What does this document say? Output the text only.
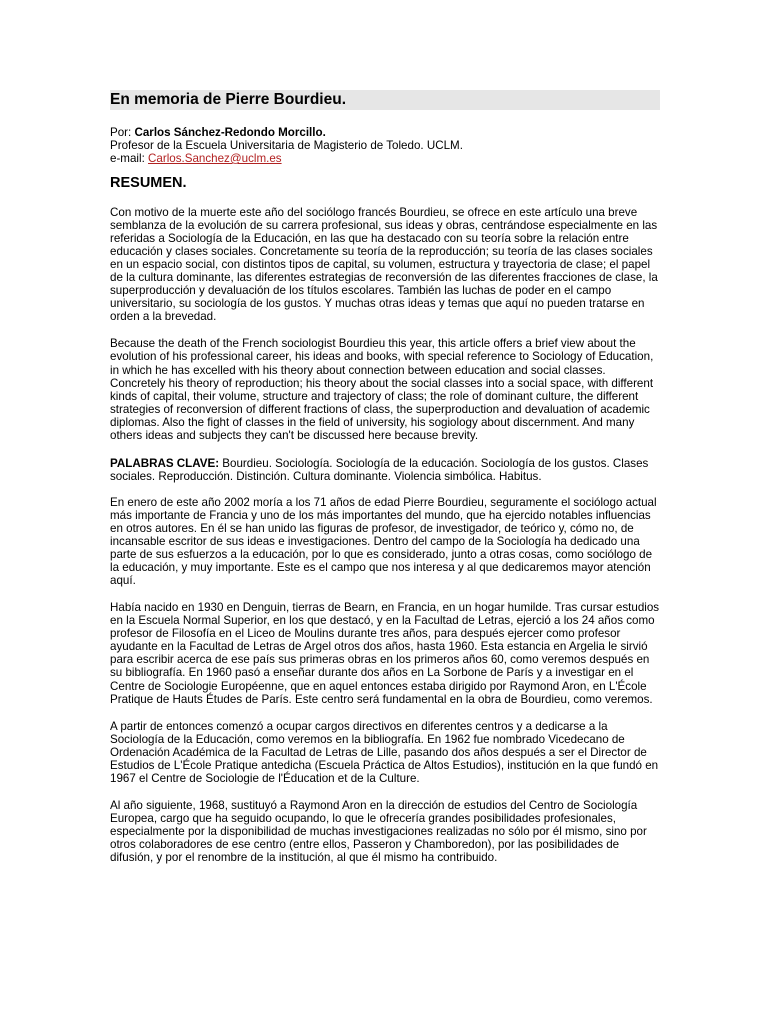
En memoria de Pierre Bourdieu.

Por: Carlos Sánchez-Redondo Morcillo.

Profesor de la Escuela Universitaria de Magisterio de Toledo. UCLM.

e-mail: Carlos.Sanchez@uclm.es

RESUMEN.

Con motivo de la muerte este año del sociólogo francés Bourdieu, se ofrece en este artículo una breve semblanza de la evolución de su carrera profesional, sus ideas y obras, centrándose especialmente en las referidas a Sociología de la Educación, en las que ha destacado con su teoría sobre la relación entre educación y clases sociales. Concretamente su teoría de la reproducción; su teoría de las clases sociales en un espacio social, con distintos tipos de capital, su volumen, estructura y trayectoria de clase; el papel de la cultura dominante, las diferentes estrategias de reconversión de las diferentes fracciones de clase, la superproducción y devaluación de los títulos escolares. También las luchas de poder en el campo universitario, su sociología de los gustos. Y muchas otras ideas y temas que aquí no pueden tratarse en orden a la brevedad.

Because the death of the French sociologist Bourdieu this year, this article offers a brief view about the evolution of his professional career, his ideas and books, with special reference to Sociology of Education, in which he has excelled with his theory about connection between education and social classes. Concretely his theory of reproduction; his theory about the social classes into a social space, with different kinds of capital, their volume, structure and trajectory of class; the role of dominant culture, the different strategies of reconversion of different fractions of class, the superproduction and devaluation of academic diplomas. Also the fight of classes in the field of university, his sogiology about discernment. And many others ideas and subjects they can't be discussed here because brevity.

PALABRAS CLAVE: Bourdieu. Sociología. Sociología de la educación. Sociología de los gustos. Clases sociales. Reproducción. Distinción. Cultura dominante. Violencia simbólica. Habitus.

En enero de este año 2002 moría a los 71 años de edad Pierre Bourdieu, seguramente el sociólogo actual más importante de Francia y uno de los más importantes del mundo, que ha ejercido notables influencias en otros autores. En él se han unido las figuras de profesor, de investigador, de teórico y, cómo no, de incansable escritor de sus ideas e investigaciones. Dentro del campo de la Sociología ha dedicado una parte de sus esfuerzos a la educación, por lo que es considerado, junto a otras cosas, como sociólogo de la educación, y muy importante. Este es el campo que nos interesa y al que dedicaremos mayor atención aquí.

Había nacido en 1930 en Denguin, tierras de Bearn, en Francia, en un hogar humilde. Tras cursar estudios en la Escuela Normal Superior, en los que destacó, y en la Facultad de Letras, ejerció a los 24 años como profesor de Filosofía en el Liceo de Moulins durante tres años, para después ejercer como profesor ayudante en la Facultad de Letras de Argel otros dos años, hasta 1960. Esta estancia en Argelia le sirvió para escribir acerca de ese país sus primeras obras en los primeros años 60, como veremos después en su bibliografía. En 1960 pasó a enseñar durante dos años en La Sorbone de París y a investigar en el Centre de Sociologie Européenne, que en aquel entonces estaba dirigido por Raymond Aron, en L'École Pratique de Hauts Études de París. Este centro será fundamental en la obra de Bourdieu, como veremos.

A partir de entonces comenzó a ocupar cargos directivos en diferentes centros y a dedicarse a la Sociología de la Educación, como veremos en la bibliografía. En 1962 fue nombrado Vicedecano de Ordenación Académica de la Facultad de Letras de Lille, pasando dos años después a ser el Director de Estudios de L'École Pratique antedicha (Escuela Práctica de Altos Estudios), institución en la que fundó en 1967 el Centre de Sociologie de l'Éducation et de la Culture.

Al año siguiente, 1968, sustituyó a Raymond Aron en la dirección de estudios del Centro de Sociología Europea, cargo que ha seguido ocupando, lo que le ofrecería grandes posibilidades profesionales, especialmente por la disponibilidad de muchas investigaciones realizadas no sólo por él mismo, sino por otros colaboradores de ese centro (entre ellos, Passeron y Chamboredon), por las posibilidades de difusión, y por el renombre de la institución, al que él mismo ha contribuido.
